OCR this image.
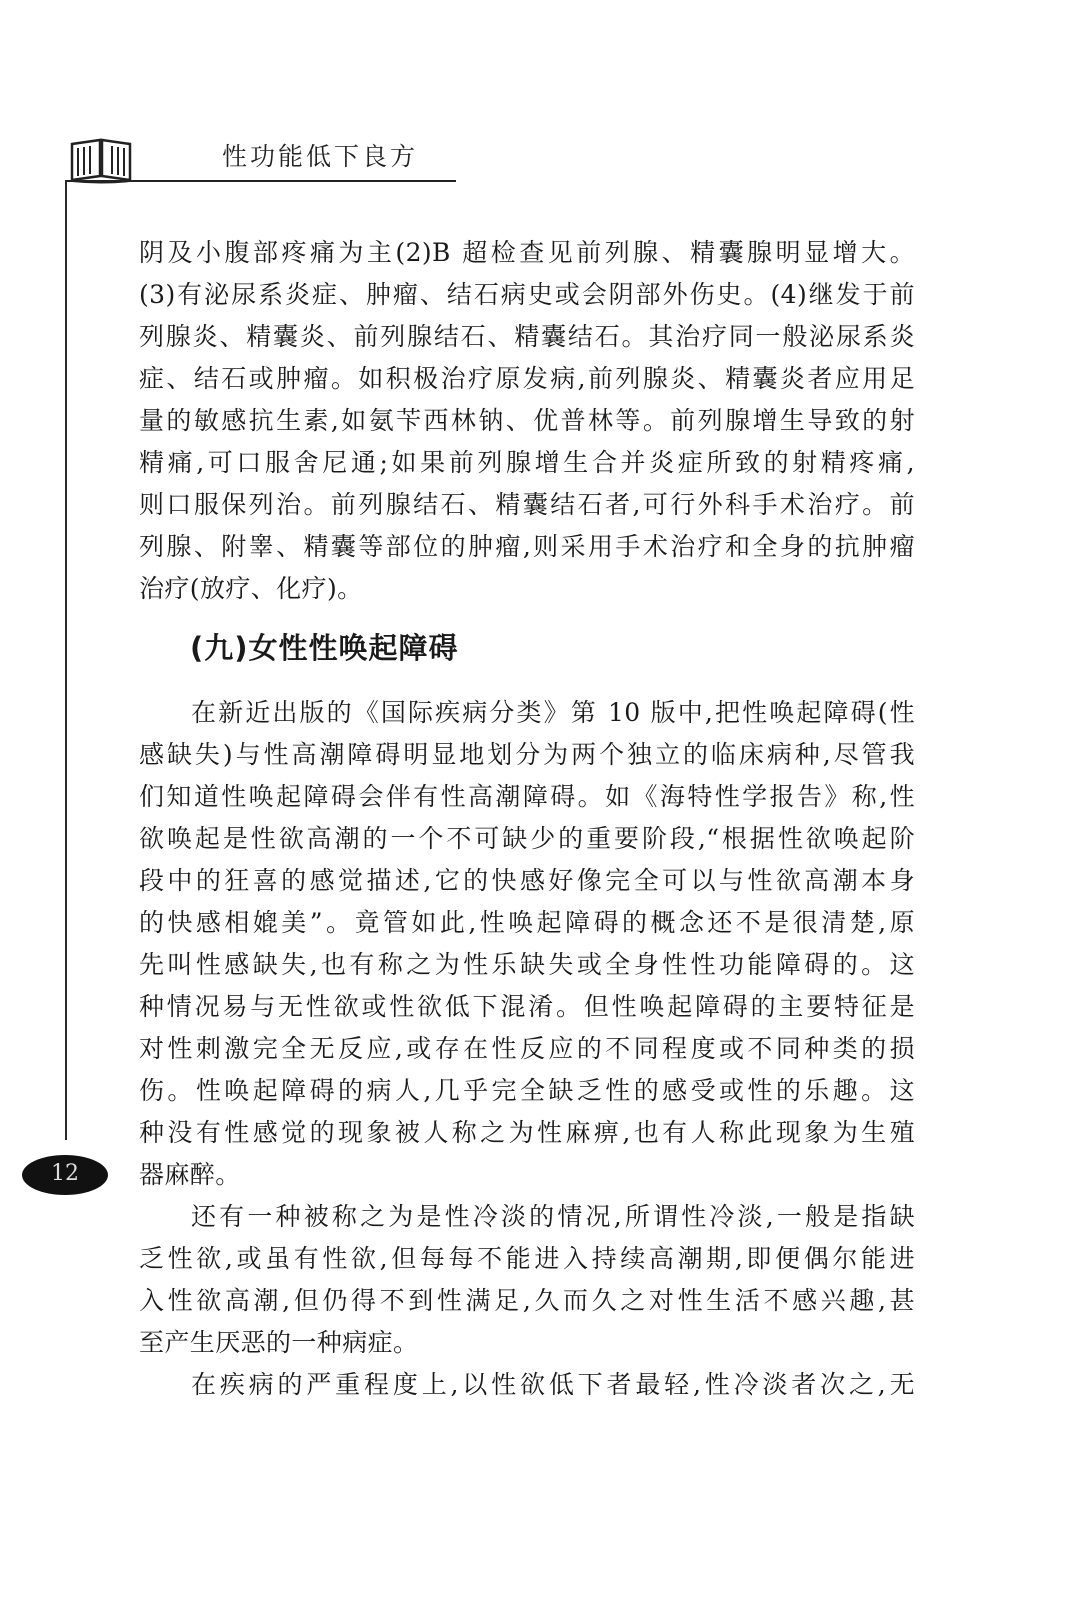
性功能低下良方
12
阴及小腹部疼痛为主(2)B 超检查见前列腺、精囊腺明显增大。
(3)有泌尿系炎症、肿瘤、结石病史或会阴部外伤史。(4)继发于前
列腺炎、精囊炎、前列腺结石、精囊结石。其治疗同一般泌尿系炎
症、结石或肿瘤。如积极治疗原发病,前列腺炎、精囊炎者应用足
量的敏感抗生素,如氨苄西林钠、优普林等。前列腺增生导致的射
精痛,可口服舍尼通;如果前列腺增生合并炎症所致的射精疼痛,
则口服保列治。前列腺结石、精囊结石者,可行外科手术治疗。前
列腺、附睾、精囊等部位的肿瘤,则采用手术治疗和全身的抗肿瘤
治疗(放疗、化疗)。
(九)女性性唤起障碍
在新近出版的《国际疾病分类》第 10 版中,把性唤起障碍(性
感缺失)与性高潮障碍明显地划分为两个独立的临床病种,尽管我
们知道性唤起障碍会伴有性高潮障碍。如《海特性学报告》称,性
欲唤起是性欲高潮的一个不可缺少的重要阶段,“根据性欲唤起阶
段中的狂喜的感觉描述,它的快感好像完全可以与性欲高潮本身
的快感相媲美”。竟管如此,性唤起障碍的概念还不是很清楚,原
先叫性感缺失,也有称之为性乐缺失或全身性性功能障碍的。这
种情况易与无性欲或性欲低下混淆。但性唤起障碍的主要特征是
对性刺激完全无反应,或存在性反应的不同程度或不同种类的损
伤。性唤起障碍的病人,几乎完全缺乏性的感受或性的乐趣。这
种没有性感觉的现象被人称之为性麻痹,也有人称此现象为生殖
器麻醉。
还有一种被称之为是性冷淡的情况,所谓性冷淡,一般是指缺
乏性欲,或虽有性欲,但每每不能进入持续高潮期,即便偶尔能进
入性欲高潮,但仍得不到性满足,久而久之对性生活不感兴趣,甚
至产生厌恶的一种病症。
在疾病的严重程度上,以性欲低下者最轻,性冷淡者次之,无
